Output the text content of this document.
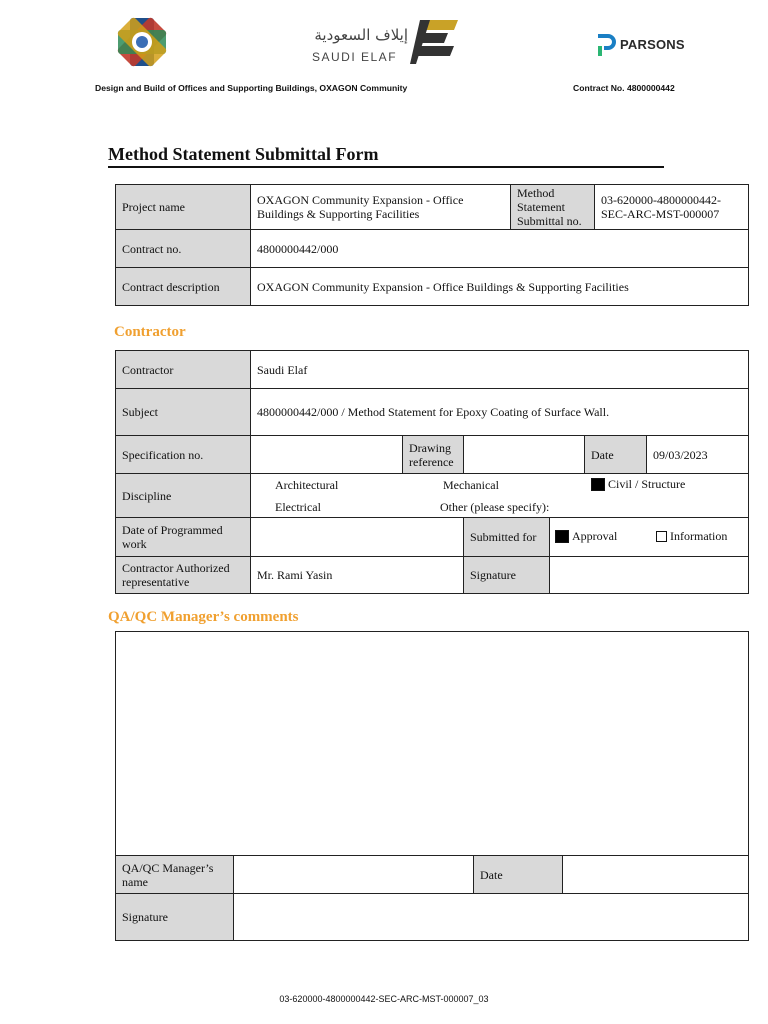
إيلاف السعودية
SAUDI ELAF
PARSONS
Design and Build of Offices and Supporting Buildings, OXAGON Community	Contract No. 4800000442
Method Statement Submittal Form
Project name	OXAGON Community Expansion - Office Buildings & Supporting Facilities	Method Statement Submittal no.	03-620000-4800000442-SEC-ARC-MST-000007
Contract no.	4800000442/000		
Contract description	OXAGON Community Expansion - Office Buildings & Supporting Facilities		
Contractor
Contractor	Saudi Elaf					
Subject	4800000442/000 / Method Statement for Epoxy Coating of Surface Wall.					
Specification no.		Drawing reference			Date	09/03/2023
Discipline	Architectural Mechanical Civil / Structure
Electrical Other (please specify):					

Date of Programmed work			Submitted for	Approval Information		

Contractor Authorized representative	Mr. Rami Yasin		Signature			
QA/QC Manager’s comments

QA/QC Manager’s name		Date	
Signature			
03-620000-4800000442-SEC-ARC-MST-000007_03
